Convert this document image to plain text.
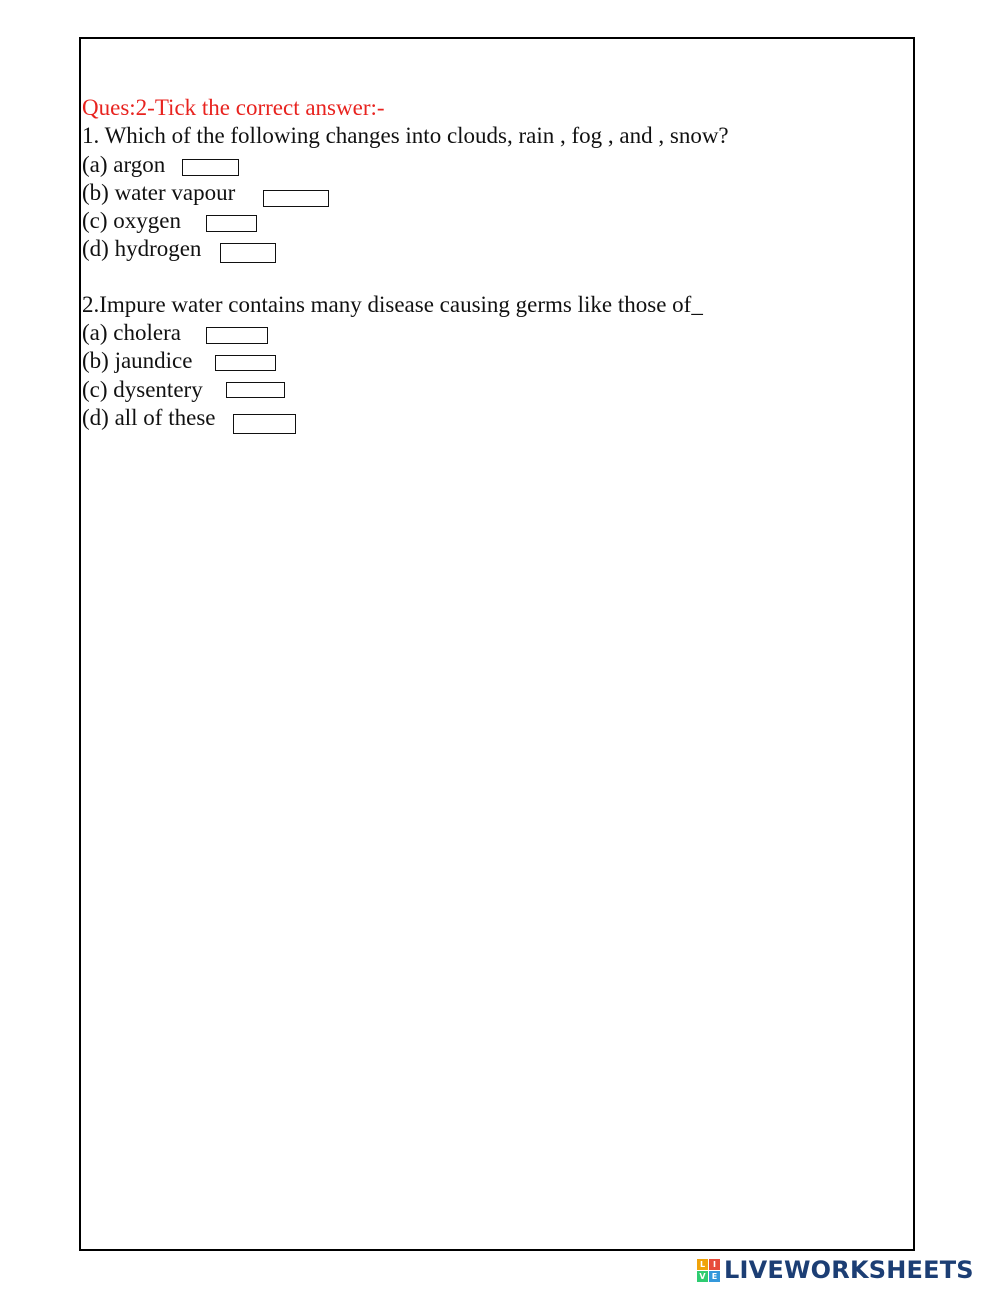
Ques:2-Tick the correct answer:-
1. Which of the following changes into clouds, rain , fog , and , snow?
(a) argon
(b) water vapour
(c) oxygen
(d) hydrogen
2.Impure water contains many disease causing germs like those of_
(a) cholera
(b) jaundice
(c) dysentery
(d) all of these
L I
V E LIVEWORKSHEETS
